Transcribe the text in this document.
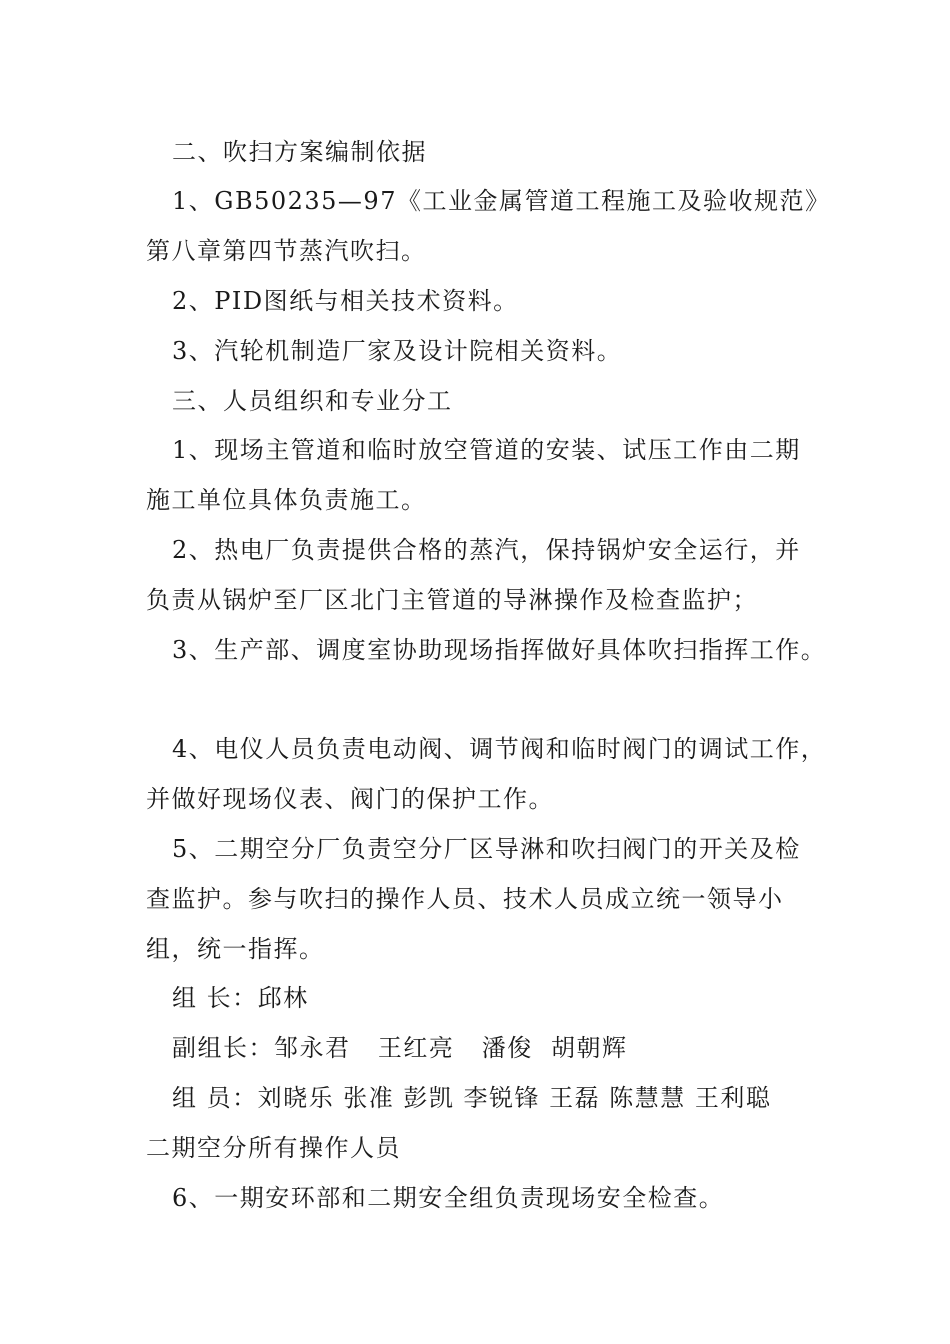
二、吹扫方案编制依据
1、GB50235—97《工业金属管道工程施工及验收规范》
第八章第四节蒸汽吹扫。
2、PID图纸与相关技术资料。
3、汽轮机制造厂家及设计院相关资料。
三、人员组织和专业分工
1、现场主管道和临时放空管道的安装、试压工作由二期
施工单位具体负责施工。
2、热电厂负责提供合格的蒸汽，保持锅炉安全运行，并
负责从锅炉至厂区北门主管道的导淋操作及检查监护；
3、生产部、调度室协助现场指挥做好具体吹扫指挥工作。
4、电仪人员负责电动阀、调节阀和临时阀门的调试工作，
并做好现场仪表、阀门的保护工作。
5、二期空分厂负责空分厂区导淋和吹扫阀门的开关及检
查监护。参与吹扫的操作人员、技术人员成立统一领导小
组，统一指挥。
组 长：邱林
副组长：邹永君   王红亮   潘俊  胡朝辉
组 员：刘晓乐 张准 彭凯 李锐锋 王磊 陈慧慧 王利聪
二期空分所有操作人员
6、一期安环部和二期安全组负责现场安全检查。
